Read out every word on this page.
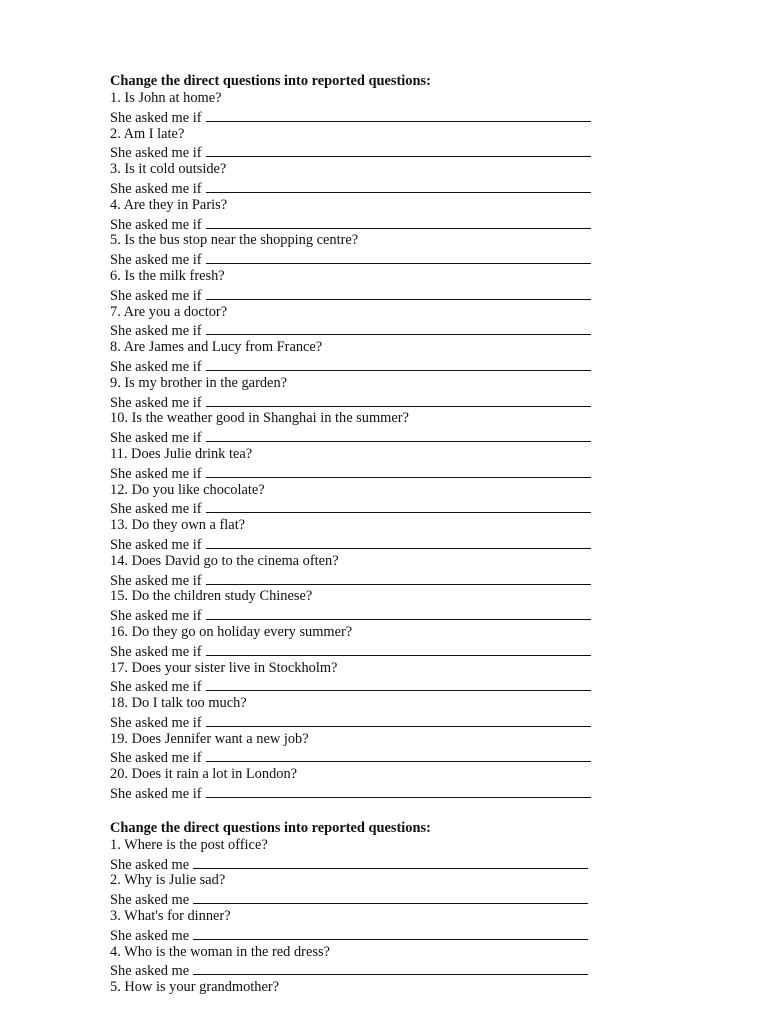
Change the direct questions into reported questions:
1. Is John at home?
She asked me if
2. Am I late?
She asked me if
3. Is it cold outside?
She asked me if
4. Are they in Paris?
She asked me if
5. Is the bus stop near the shopping centre?
She asked me if
6. Is the milk fresh?
She asked me if
7. Are you a doctor?
She asked me if
8. Are James and Lucy from France?
She asked me if
9. Is my brother in the garden?
She asked me if
10. Is the weather good in Shanghai in the summer?
She asked me if
11. Does Julie drink tea?
She asked me if
12. Do you like chocolate?
She asked me if
13. Do they own a flat?
She asked me if
14. Does David go to the cinema often?
She asked me if
15. Do the children study Chinese?
She asked me if
16. Do they go on holiday every summer?
She asked me if
17. Does your sister live in Stockholm?
She asked me if
18. Do I talk too much?
She asked me if
19. Does Jennifer want a new job?
She asked me if
20. Does it rain a lot in London?
She asked me if
Change the direct questions into reported questions:
1. Where is the post office?
She asked me
2. Why is Julie sad?
She asked me
3. What's for dinner?
She asked me
4. Who is the woman in the red dress?
She asked me
5. How is your grandmother?
